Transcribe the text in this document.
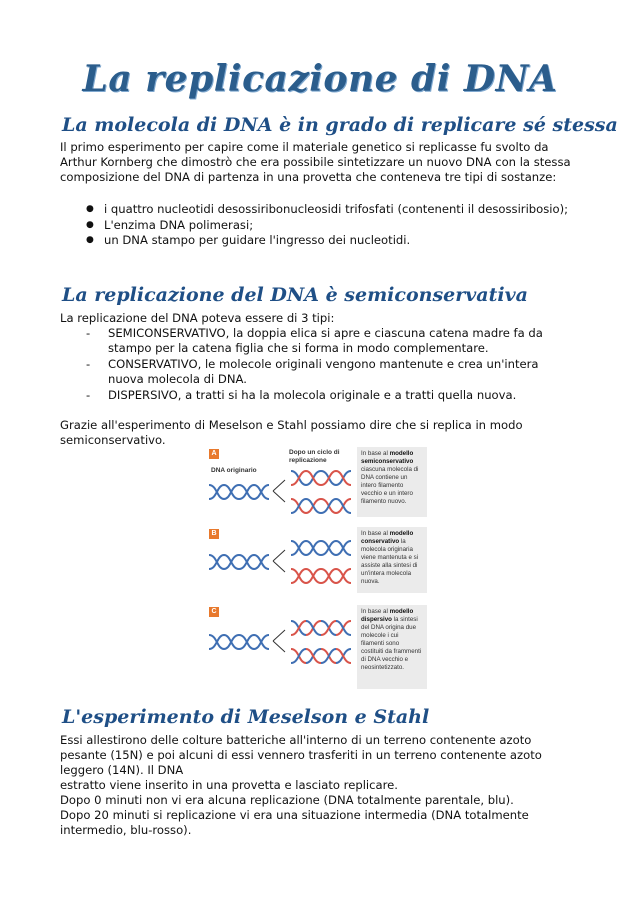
La replicazione di DNA
La molecola di DNA è in grado di replicare sé stessa
Il primo esperimento per capire come il materiale genetico si replicasse fu svolto da Arthur Kornberg che dimostrò che era possibile sintetizzare un nuovo DNA con la stessa composizione del DNA di partenza in una provetta che conteneva tre tipi di sostanze:
● i quattro nucleotidi desossiribonucleosidi trifosfati (contenenti il desossiribosio);
● L'enzima DNA polimerasi;
● un DNA stampo per guidare l'ingresso dei nucleotidi.
La replicazione del DNA è semiconservativa
La replicazione del DNA poteva essere di 3 tipi:
- SEMICONSERVATIVO, la doppia elica si apre e ciascuna catena madre fa da stampo per la catena figlia che si forma in modo complementare.
- CONSERVATIVO, le molecole originali vengono mantenute e crea un'intera nuova molecola di DNA.
- DISPERSIVO, a tratti si ha la molecola originale e a tratti quella nuova.
Grazie all'esperimento di Meselson e Stahl possiamo dire che si replica in modo semiconservativo.
DNA originario
Dopo un ciclo di replicazione
A	In base al modello semiconservativo ciascuna molecola di DNA contiene un intero filamento vecchio e un intero filamento nuovo.
B	In base al modello conservativo la molecola originaria viene mantenuta e si assiste alla sintesi di un'intera molecola nuova.
C	In base al modello dispersivo la sintesi del DNA origina due molecole i cui filamenti sono costituiti da frammenti di DNA vecchio e neosintetizzato.
L'esperimento di Meselson e Stahl
Essi allestirono delle colture batteriche all'interno di un terreno contenente azoto pesante (15N) e poi alcuni di essi vennero trasferiti in un terreno contenente azoto leggero (14N). Il DNA
estratto viene inserito in una provetta e lasciato replicare.
Dopo 0 minuti non vi era alcuna replicazione (DNA totalmente parentale, blu).
Dopo 20 minuti si replicazione vi era una situazione intermedia (DNA totalmente intermedio, blu-rosso).
